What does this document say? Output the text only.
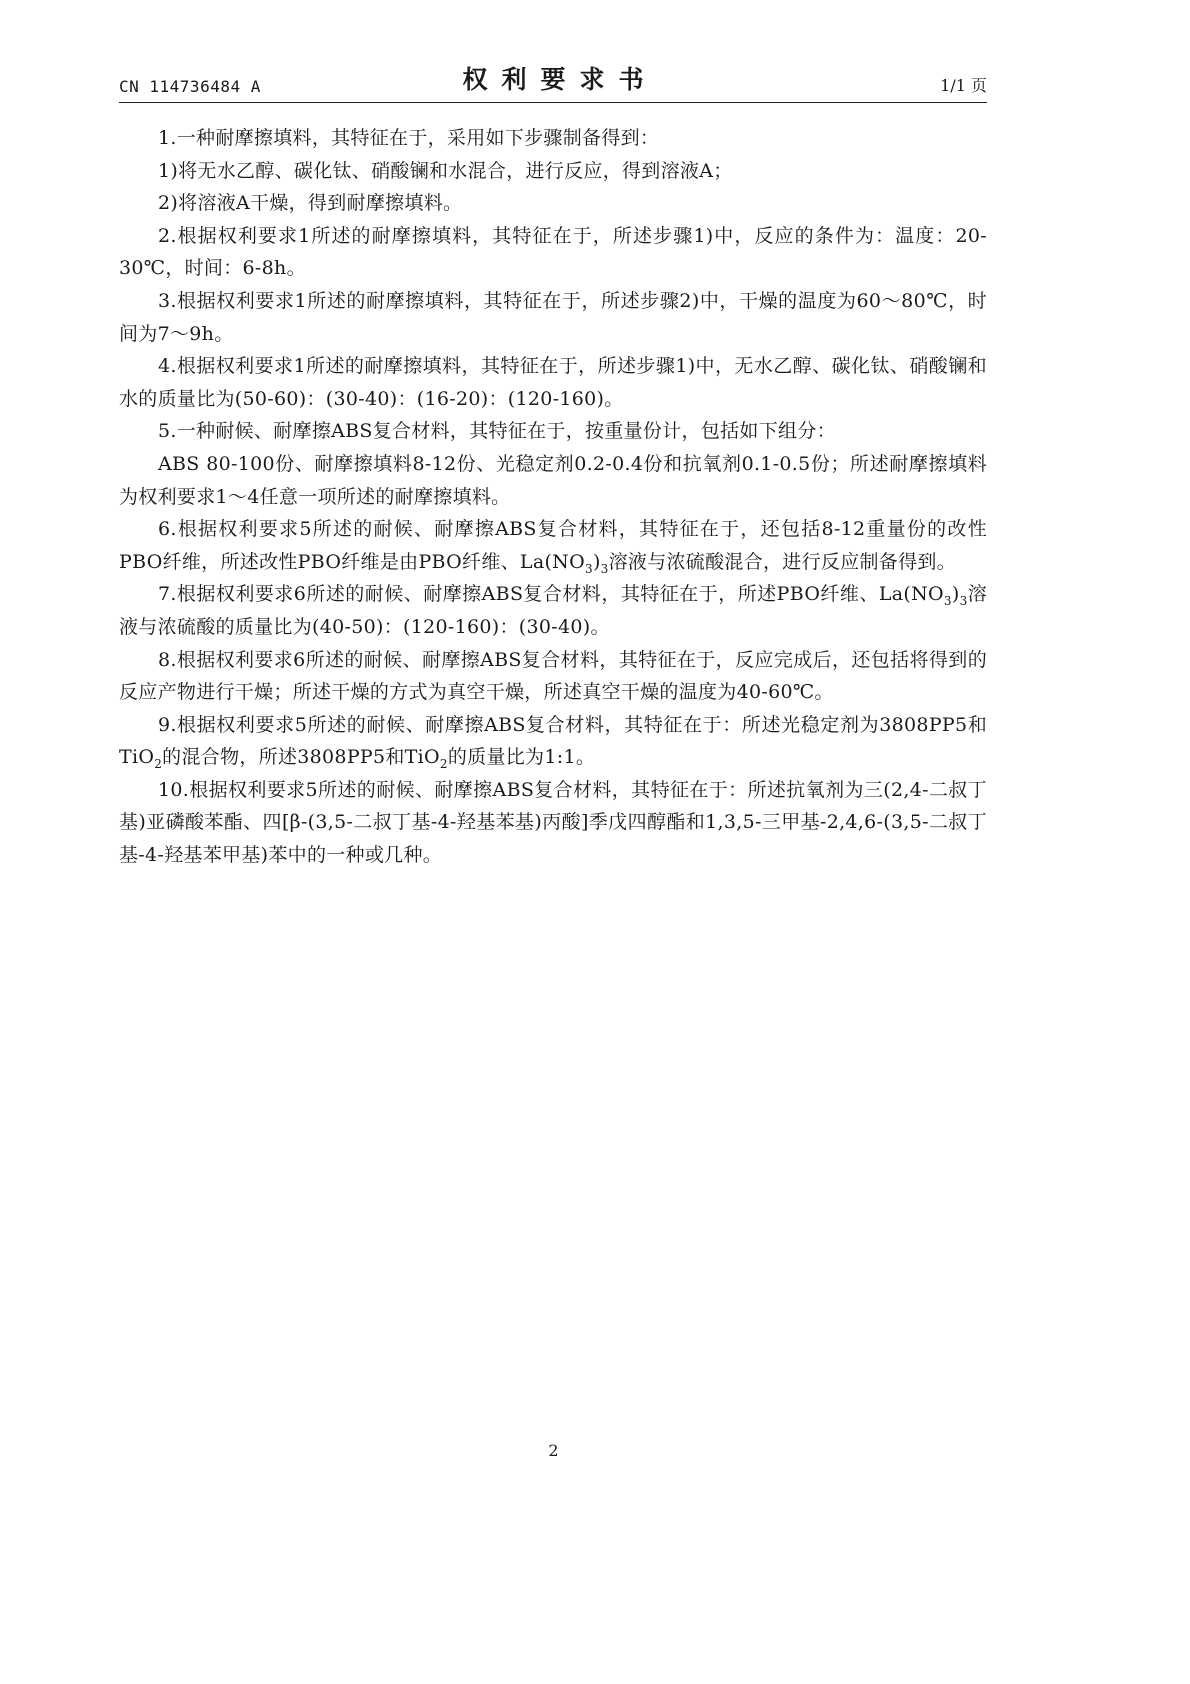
CN 114736484 A	权利要求书	1/1 页

1.一种耐摩擦填料，其特征在于，采用如下步骤制备得到：

1)将无水乙醇、碳化钛、硝酸镧和水混合，进行反应，得到溶液A；

2)将溶液A干燥，得到耐摩擦填料。

2.根据权利要求1所述的耐摩擦填料，其特征在于，所述步骤1)中，反应的条件为：温度：20-30℃，时间：6-8h。

3.根据权利要求1所述的耐摩擦填料，其特征在于，所述步骤2)中，干燥的温度为60～80℃，时间为7～9h。

4.根据权利要求1所述的耐摩擦填料，其特征在于，所述步骤1)中，无水乙醇、碳化钛、硝酸镧和水的质量比为(50-60)：(30-40)：(16-20)：(120-160)。

5.一种耐候、耐摩擦ABS复合材料，其特征在于，按重量份计，包括如下组分：

ABS 80-100份、耐摩擦填料8-12份、光稳定剂0.2-0.4份和抗氧剂0.1-0.5份；所述耐摩擦填料为权利要求1～4任意一项所述的耐摩擦填料。

6.根据权利要求5所述的耐候、耐摩擦ABS复合材料，其特征在于，还包括8-12重量份的改性PBO纤维，所述改性PBO纤维是由PBO纤维、$La(NO_3)_3$溶液与浓硫酸混合，进行反应制备得到。

7.根据权利要求6所述的耐候、耐摩擦ABS复合材料，其特征在于，所述PBO纤维、$La(NO_3)_3$溶液与浓硫酸的质量比为(40-50)：(120-160)：(30-40)。

8.根据权利要求6所述的耐候、耐摩擦ABS复合材料，其特征在于，反应完成后，还包括将得到的反应产物进行干燥；所述干燥的方式为真空干燥，所述真空干燥的温度为40-60℃。

9.根据权利要求5所述的耐候、耐摩擦ABS复合材料，其特征在于：所述光稳定剂为3808PP5和TiO$_2$的混合物，所述3808PP5和TiO$_2$的质量比为1:1。

10.根据权利要求5所述的耐候、耐摩擦ABS复合材料，其特征在于：所述抗氧剂为三(2,4-二叔丁基)亚磷酸苯酯、四[β-(3,5-二叔丁基-4-羟基苯基)丙酸]季戊四醇酯和1,3,5-三甲基-2,4,6-(3,5-二叔丁基-4-羟基苯甲基)苯中的一种或几种。

2
